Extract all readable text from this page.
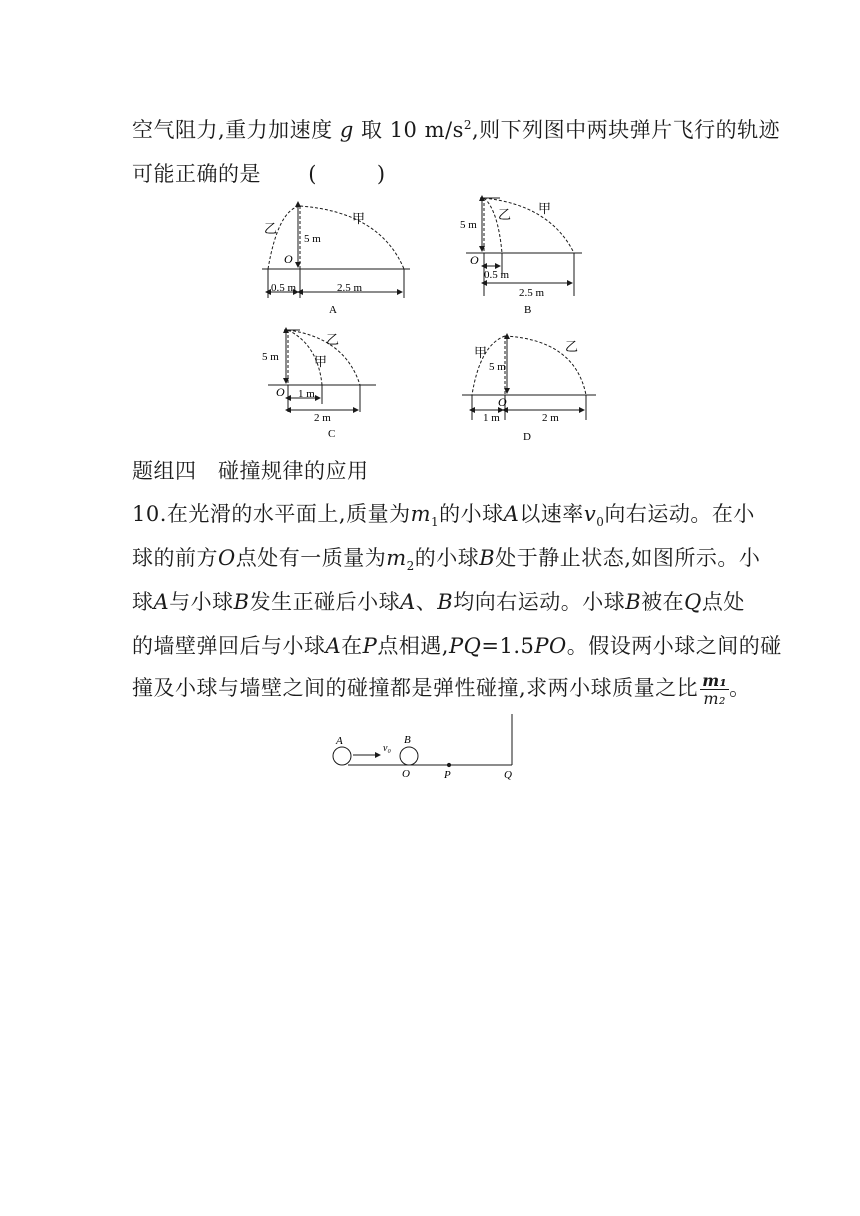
空气阻力,重力加速度 g 取 10 $m/s^2$,则下列图中两块弹片飞行的轨迹
可能正确的是 (	)
乙
甲
5 m
O
0.5 m	2.5 m
A
5 m
乙 甲
O
0.5 m
2.5 m
B
5 m
乙
甲
O 1 m
2 m
C
甲	乙
5 m
O
1 m	2 m
D
A
v₀
B
O	P	Q
题组四　碰撞规律的应用
10.在光滑的水平面上,质量为$m_1$的小球A以速率$v_0$向右运动。在小
球的前方O点处有一质量为$m_2$的小球B处于静止状态,如图所示。小
球A与小球B发生正碰后小球A、B均向右运动。小球B被在Q点处
的墙壁弹回后与小球A在P点相遇,PQ=1.5PO。假设两小球之间的碰
撞及小球与墙壁之间的碰撞都是弹性碰撞,求两小球质量之比 $\frac{\text{m₁}}{\text{m₂}}$ 。
